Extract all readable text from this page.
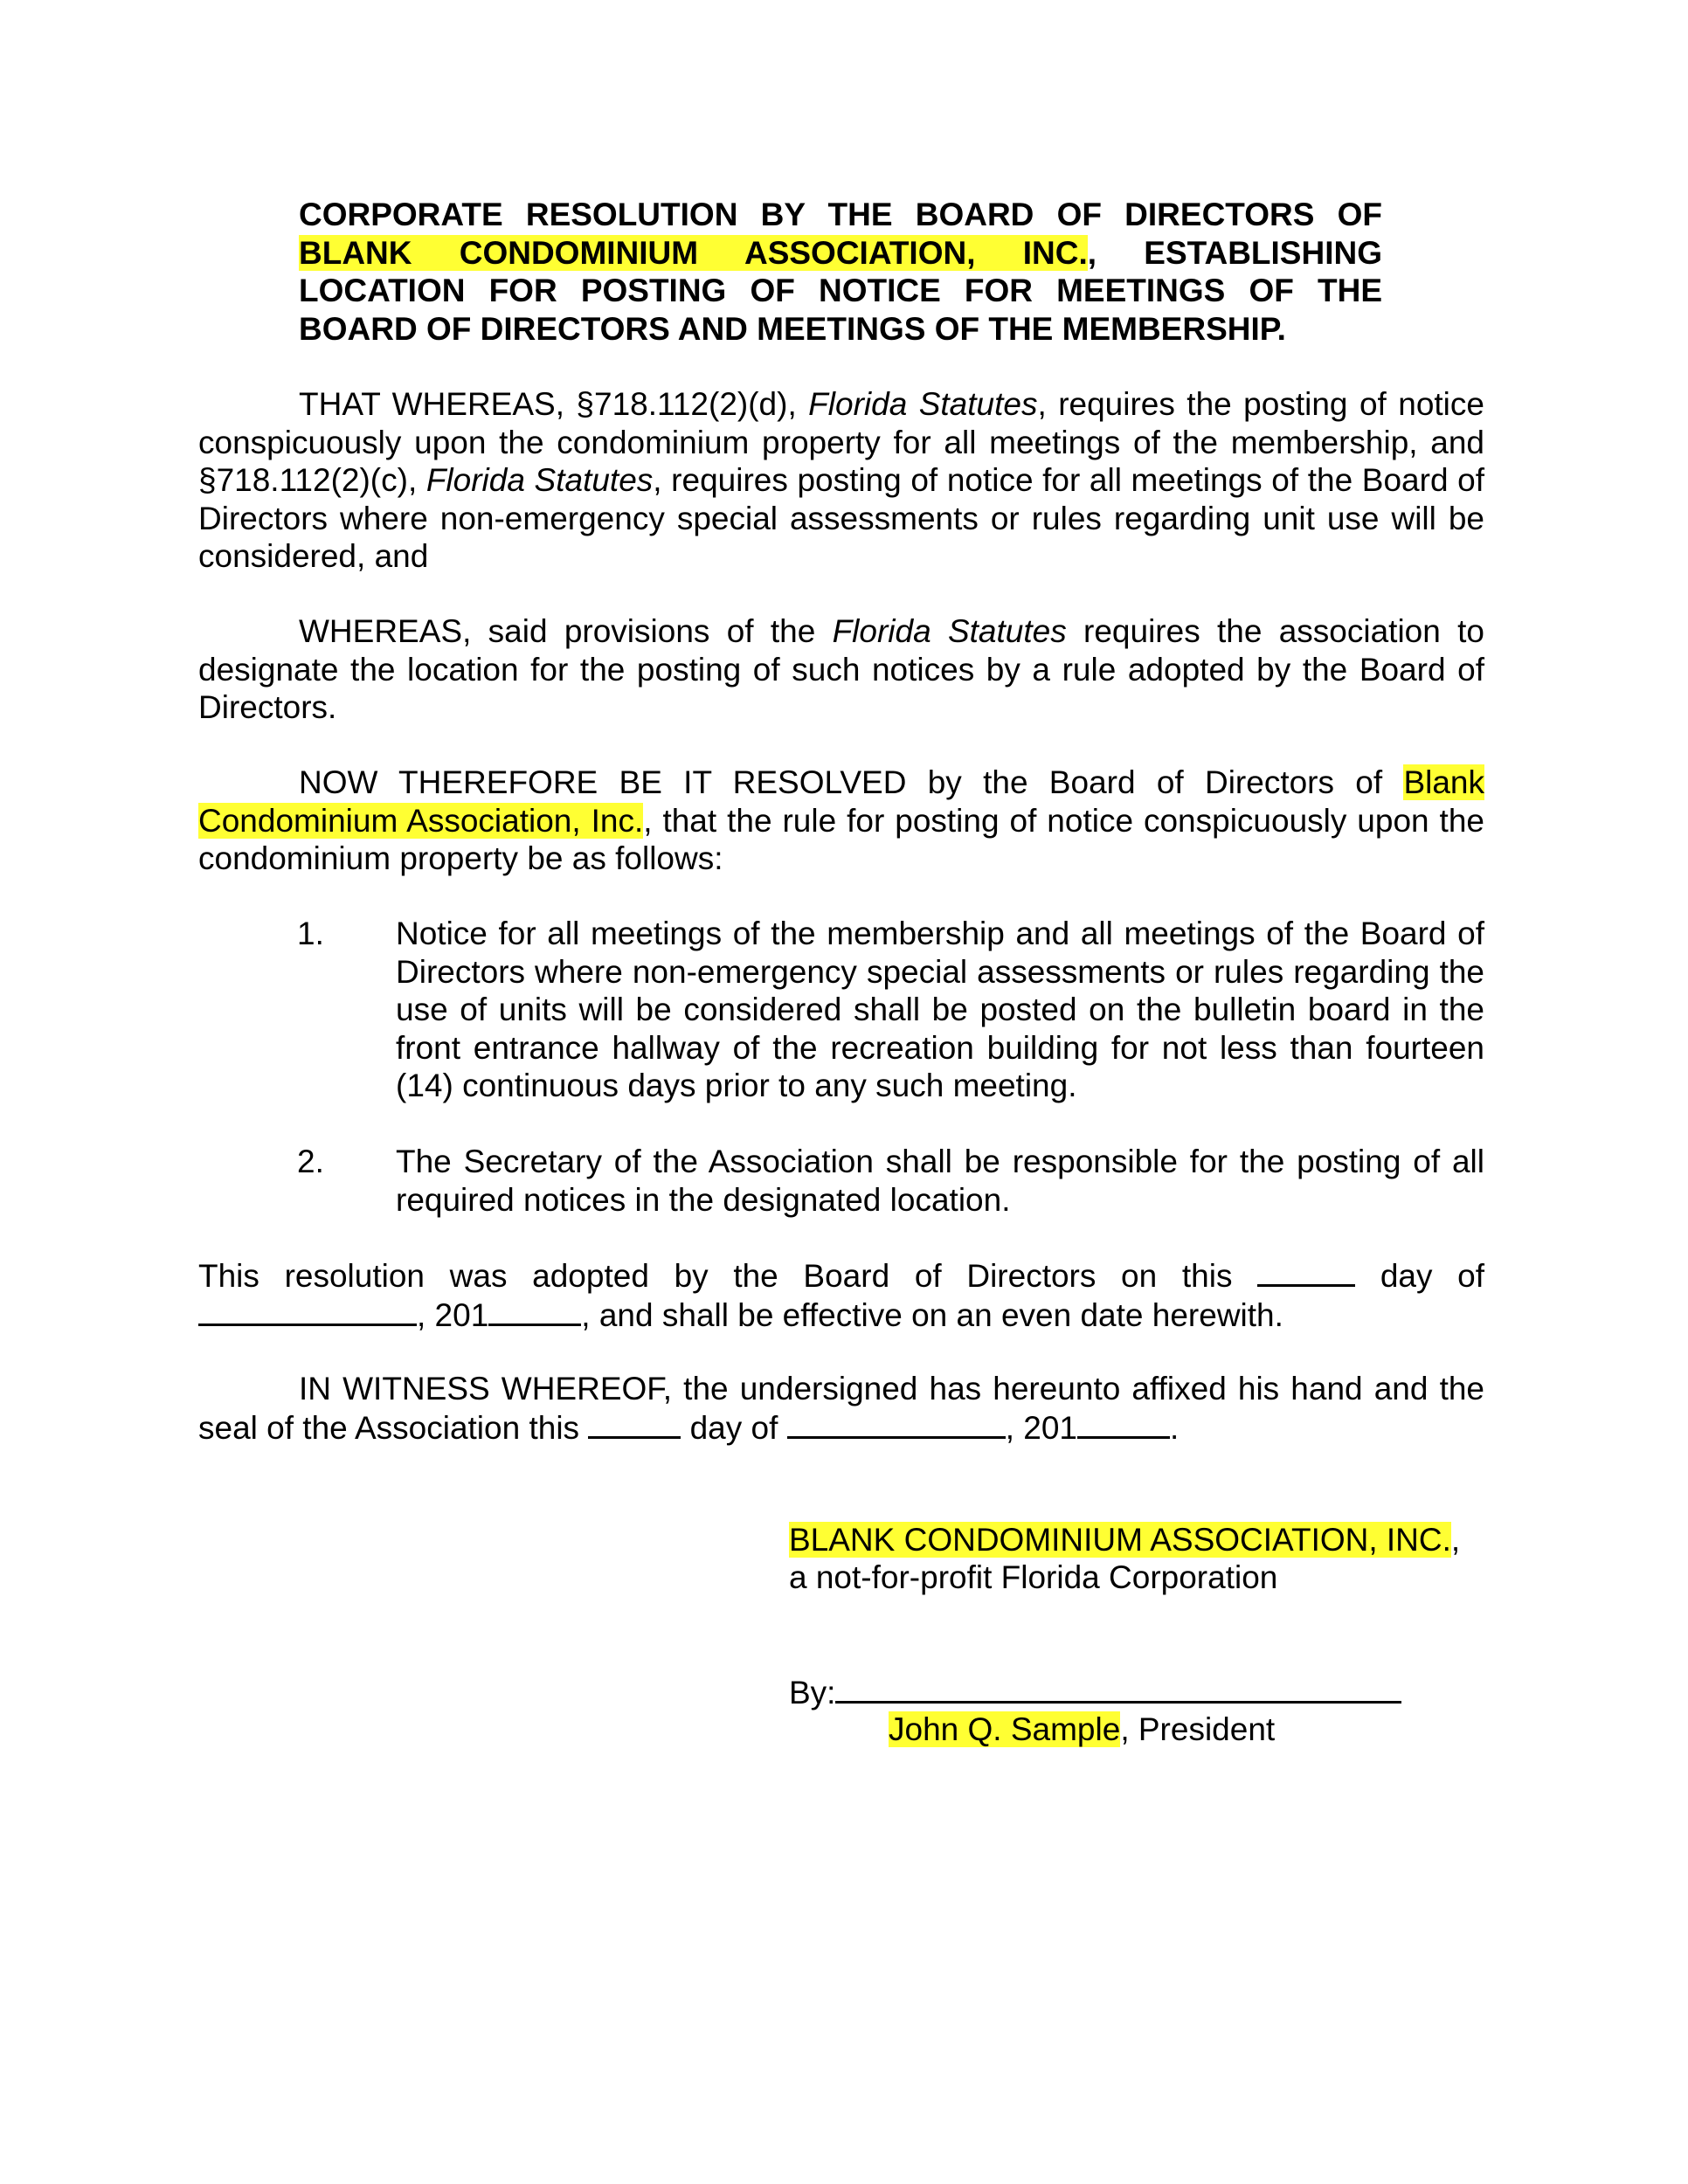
CORPORATE RESOLUTION BY THE BOARD OF DIRECTORS OF BLANK CONDOMINIUM ASSOCIATION, INC., ESTABLISHING LOCATION FOR POSTING OF NOTICE FOR MEETINGS OF THE BOARD OF DIRECTORS AND MEETINGS OF THE MEMBERSHIP.
THAT WHEREAS, §718.112(2)(d), Florida Statutes, requires the posting of notice conspicuously upon the condominium property for all meetings of the membership, and §718.112(2)(c), Florida Statutes, requires posting of notice for all meetings of the Board of Directors where non-emergency special assessments or rules regarding unit use will be considered, and
WHEREAS, said provisions of the Florida Statutes requires the association to designate the location for the posting of such notices by a rule adopted by the Board of Directors.
NOW THEREFORE BE IT RESOLVED by the Board of Directors of Blank Condominium Association, Inc., that the rule for posting of notice conspicuously upon the condominium property be as follows:
1.	Notice for all meetings of the membership and all meetings of the Board of Directors where non-emergency special assessments or rules regarding the use of units will be considered shall be posted on the bulletin board in the front entrance hallway of the recreation building for not less than fourteen (14) continuous days prior to any such meeting.
2.	The Secretary of the Association shall be responsible for the posting of all required notices in the designated location.
This resolution was adopted by the Board of Directors on this	day of , 201	, and shall be effective on an even date herewith.
IN WITNESS WHEREOF, the undersigned has hereunto affixed his hand and the seal of the Association this	day of	, 201	.
BLANK CONDOMINIUM ASSOCIATION, INC.,
a not-for-profit Florida Corporation
By:
John Q. Sample, President
